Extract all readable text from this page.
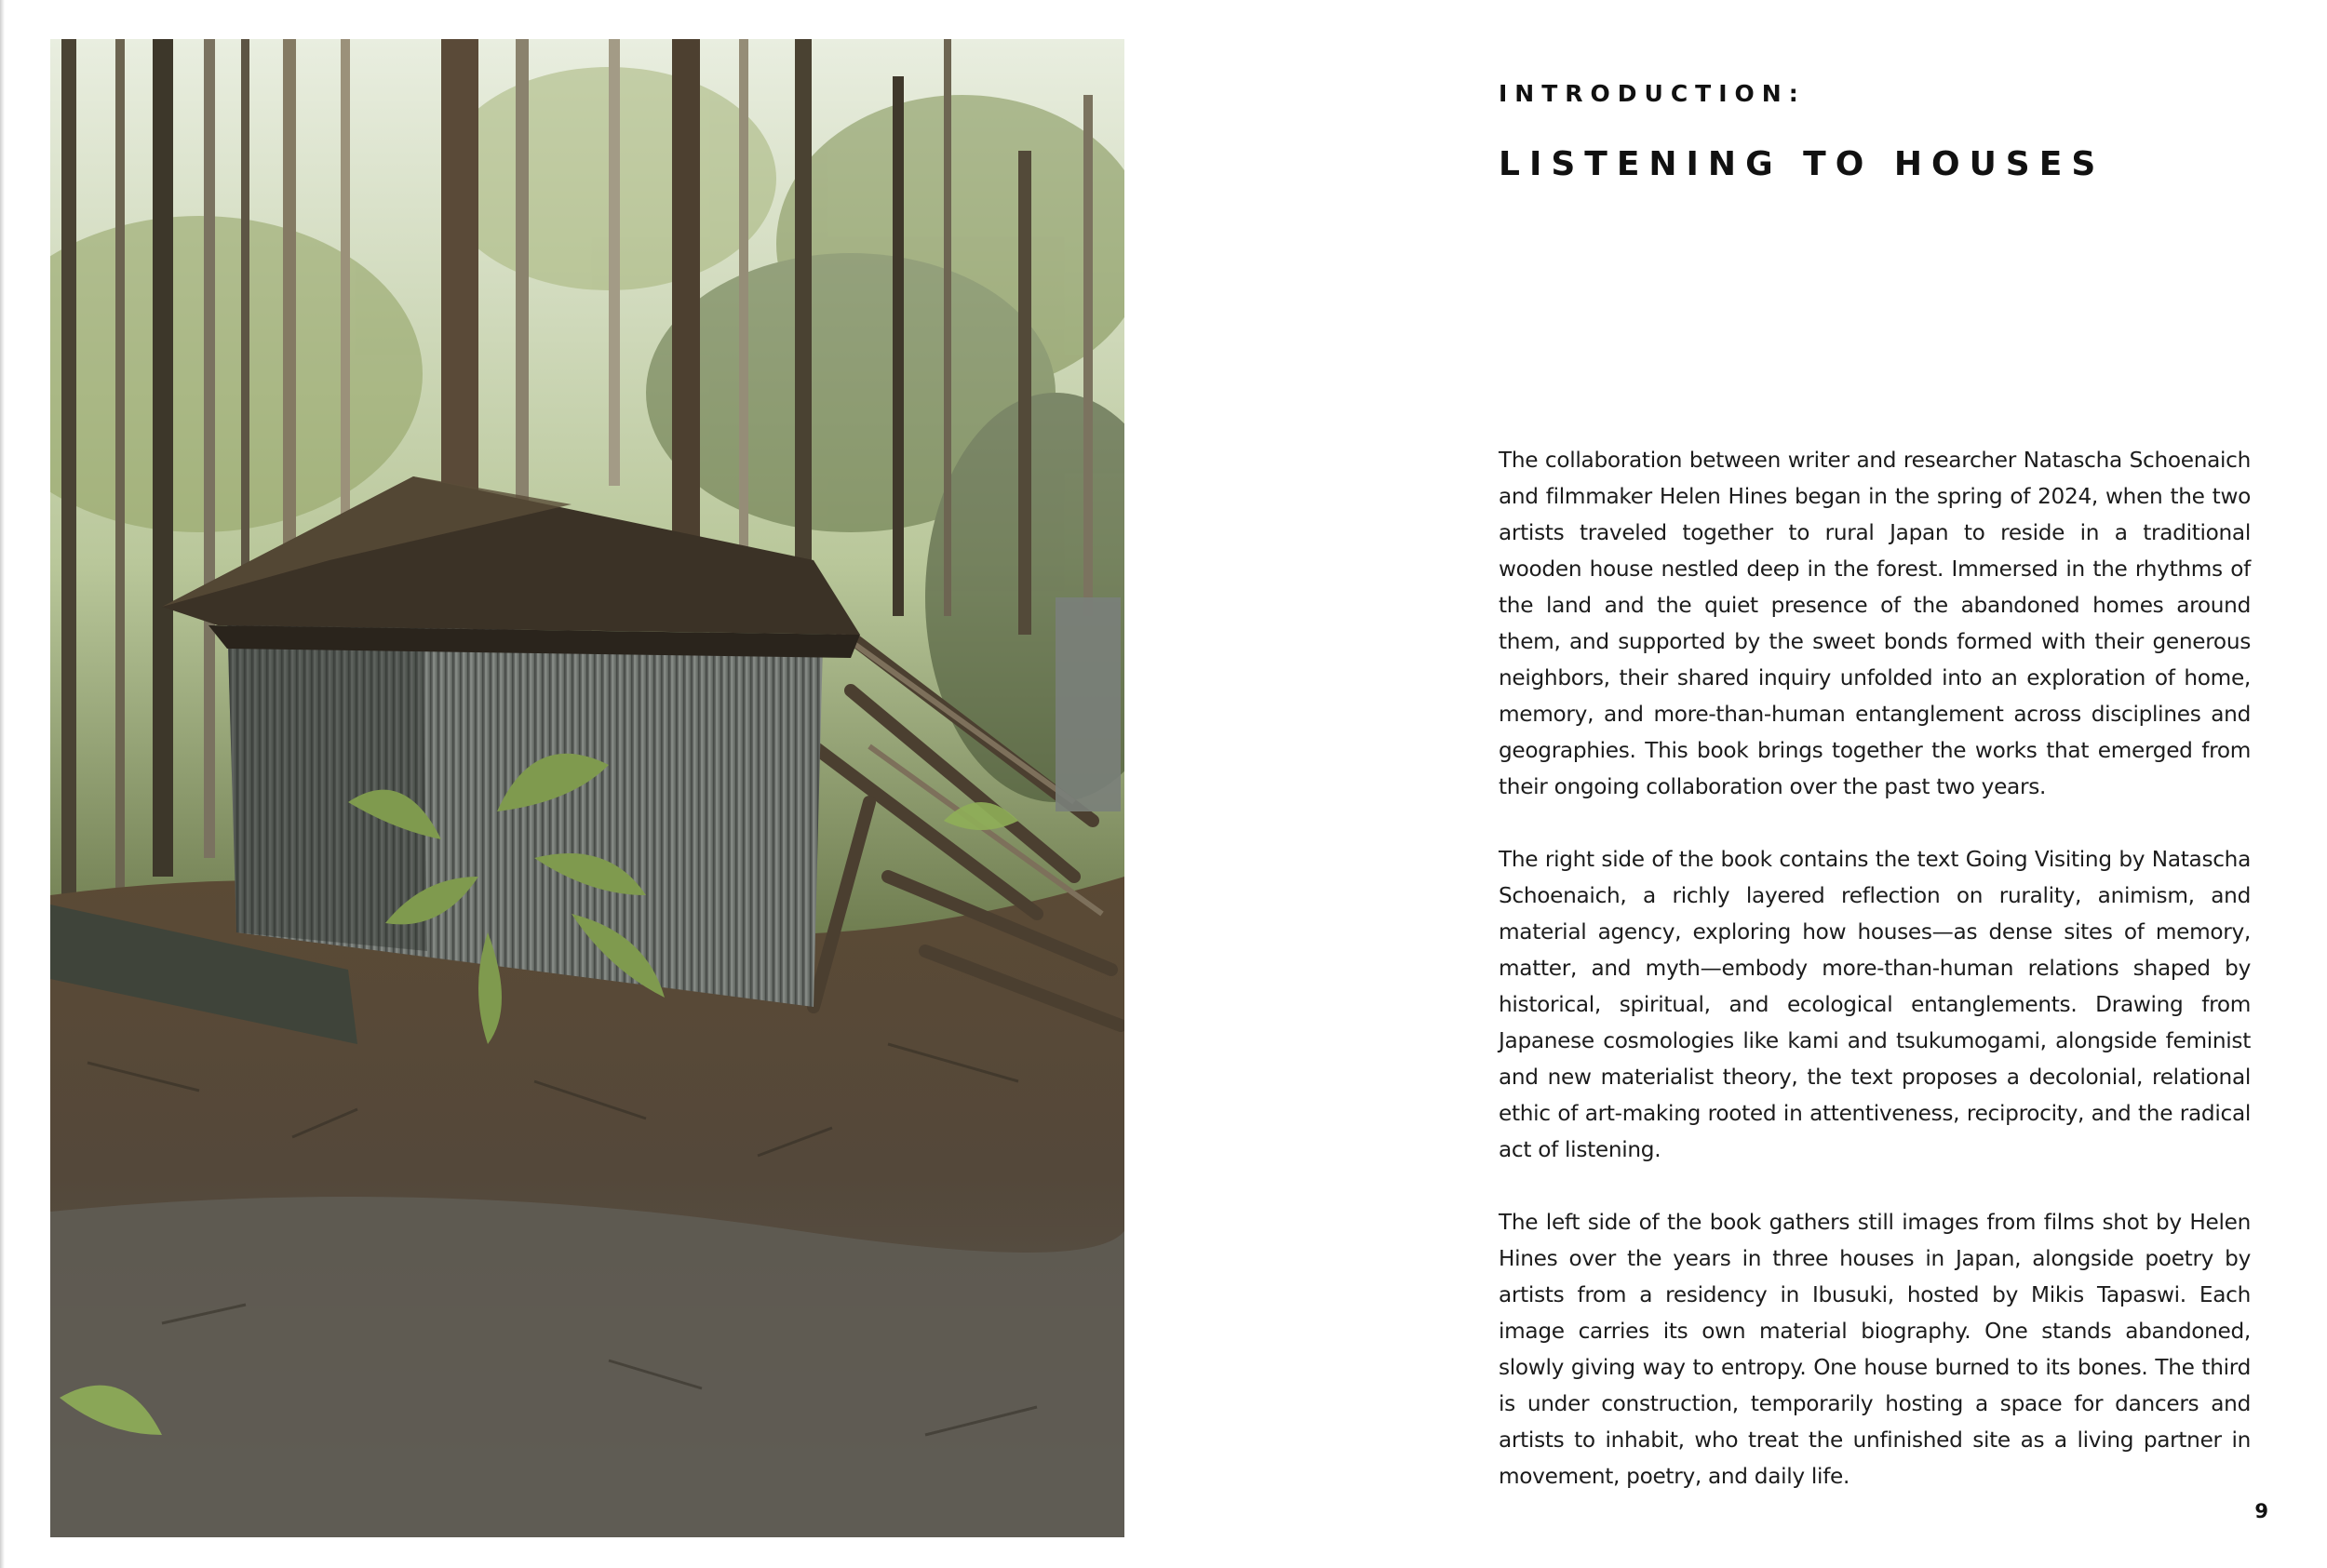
INTRODUCTION:
LISTENING TO HOUSES

The collaboration between writer and researcher Natascha Schoenaich and filmmaker Helen Hines began in the spring of 2024, when the two artists traveled together to rural Japan to reside in a traditional wooden house nestled deep in the forest. Immersed in the rhythms of the land and the quiet presence of the abandoned homes around them, and supported by the sweet bonds formed with their generous neighbors, their shared inquiry unfolded into an exploration of home, memory, and more-than-human entanglement across disciplines and geographies. This book brings together the works that emerged from their ongoing collaboration over the past two years.

The right side of the book contains the text Going Visiting by Natascha Schoenaich, a richly layered reflection on rurality, animism, and material agency, exploring how houses—as dense sites of memory, matter, and myth—embody more-than-human relations shaped by historical, spiritual, and ecological entanglements. Drawing from Japanese cosmologies like kami and tsukumogami, alongside feminist and new materialist theory, the text proposes a decolonial, relational ethic of art-making rooted in attentiveness, reciprocity, and the radical act of listening.

The left side of the book gathers still images from films shot by Helen Hines over the years in three houses in Japan, alongside poetry by artists from a residency in Ibusuki, hosted by Mikis Tapaswi. Each image carries its own material biography. One stands abandoned, slowly giving way to entropy. One house burned to its bones. The third is under construction, temporarily hosting a space for dancers and artists to inhabit, who treat the unfinished site as a living partner in movement, poetry, and daily life.

9
